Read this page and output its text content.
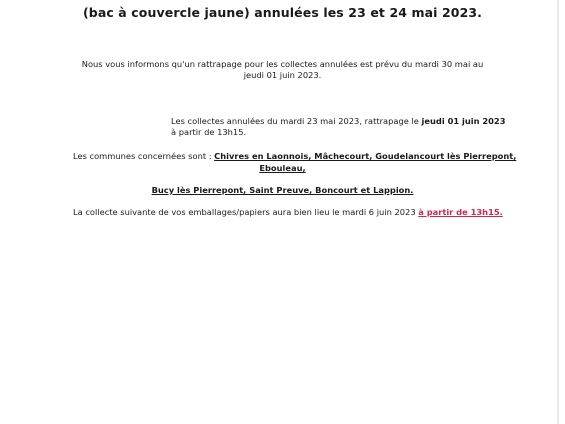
(bac à couvercle jaune) annulées les 23 et 24 mai 2023.
Nous vous informons qu'un rattrapage pour les collectes annulées est prévu du mardi 30 mai au
jeudi 01 juin 2023.
Les collectes annulées du mardi 23 mai 2023, rattrapage le jeudi 01 juin 2023
à partir de 13h15.
Les communes concernées sont : Chivres en Laonnois, Mâchecourt, Goudelancourt lès Pierrepont,
Ebouleau,
Bucy lès Pierrepont, Saint Preuve, Boncourt et Lappion.
La collecte suivante de vos emballages/papiers aura bien lieu le mardi 6 juin 2023 à partir de 13h15.
